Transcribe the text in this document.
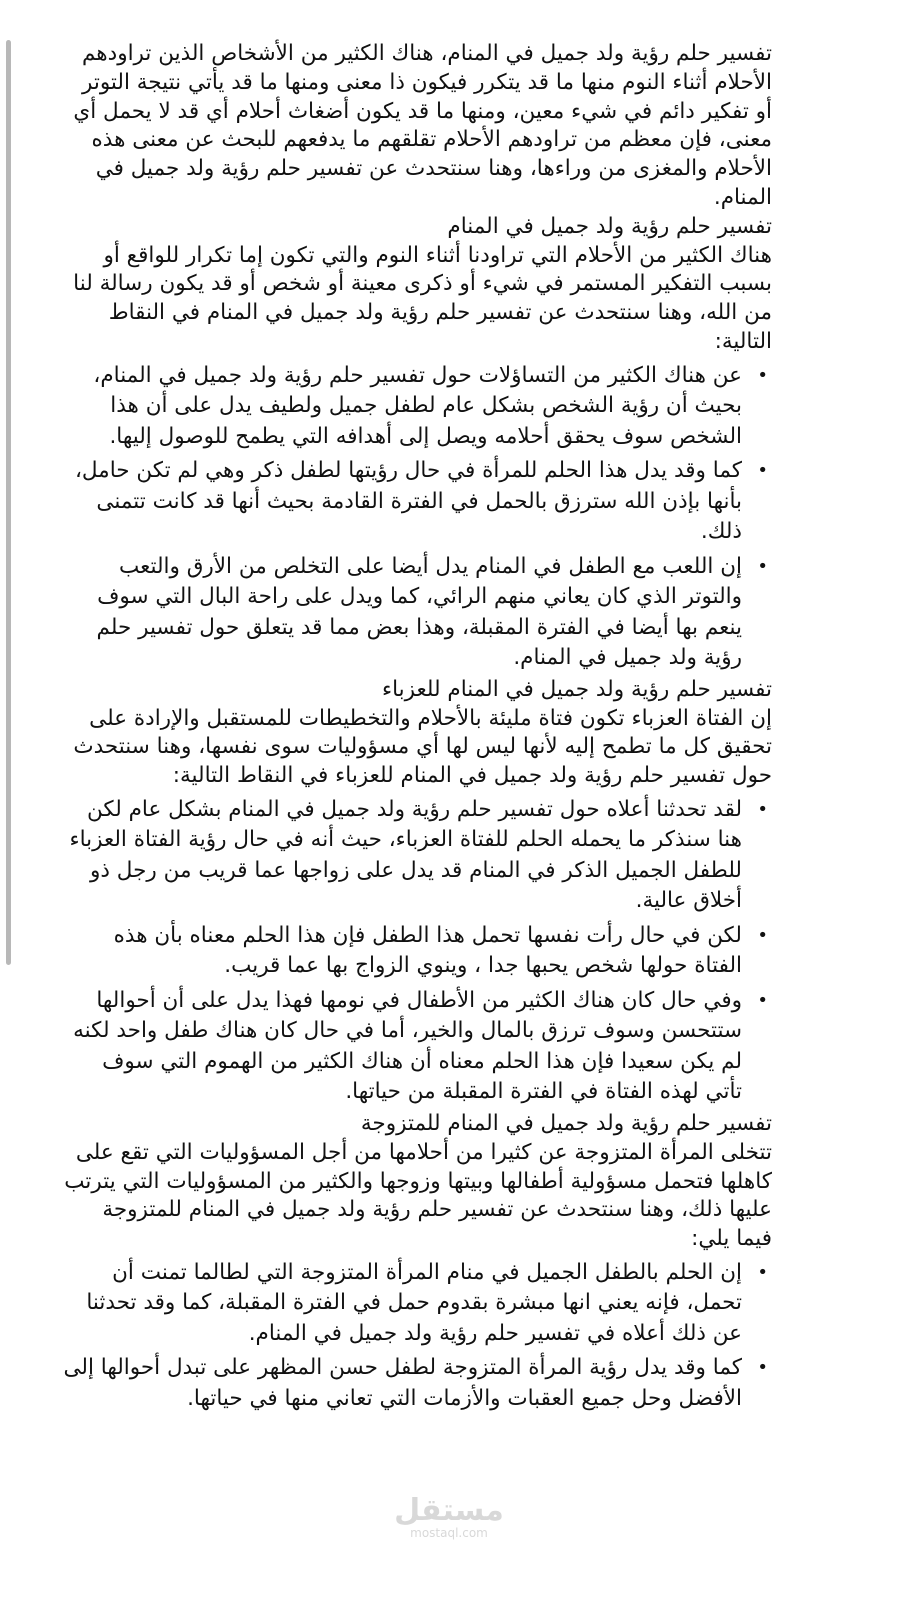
تفسير حلم رؤية ولد جميل في المنام، هناك الكثير من الأشخاص الذين تراودهم الأحلام أثناء النوم منها ما قد يتكرر فيكون ذا معنى ومنها ما قد يأتي نتيجة التوتر أو تفكير دائم في شيء معين، ومنها ما قد يكون أضغاث أحلام أي قد لا يحمل أي معنى، فإن معظم من تراودهم الأحلام تقلقهم ما يدفعهم للبحث عن معنى هذه الأحلام والمغزى من وراءها، وهنا سنتحدث عن تفسير حلم رؤية ولد جميل في المنام.

تفسير حلم رؤية ولد جميل في المنام

هناك الكثير من الأحلام التي تراودنا أثناء النوم والتي تكون إما تكرار للواقع أو بسبب التفكير المستمر في شيء أو ذكرى معينة أو شخص أو قد يكون رسالة لنا من الله، وهنا سنتحدث عن تفسير حلم رؤية ولد جميل في المنام في النقاط التالية:

•
عن هناك الكثير من التساؤلات حول تفسير حلم رؤية ولد جميل في المنام، بحيث أن رؤية الشخص بشكل عام لطفل جميل ولطيف يدل على أن هذا الشخص سوف يحقق أحلامه ويصل إلى أهدافه التي يطمح للوصول إليها.
•
كما وقد يدل هذا الحلم للمرأة في حال رؤيتها لطفل ذكر وهي لم تكن حامل، بأنها بإذن الله سترزق بالحمل في الفترة القادمة بحيث أنها قد كانت تتمنى ذلك.
•
إن اللعب مع الطفل في المنام يدل أيضا على التخلص من الأرق والتعب والتوتر الذي كان يعاني منهم الرائي، كما ويدل على راحة البال التي سوف ينعم بها أيضا في الفترة المقبلة، وهذا بعض مما قد يتعلق حول تفسير حلم رؤية ولد جميل في المنام.

تفسير حلم رؤية ولد جميل في المنام للعزباء

إن الفتاة العزباء تكون فتاة مليئة بالأحلام والتخطيطات للمستقبل والإرادة على تحقيق كل ما تطمح إليه لأنها ليس لها أي مسؤوليات سوى نفسها، وهنا سنتحدث حول تفسير حلم رؤية ولد جميل في المنام للعزباء في النقاط التالية:

•
لقد تحدثنا أعلاه حول تفسير حلم رؤية ولد جميل في المنام بشكل عام لكن هنا سنذكر ما يحمله الحلم للفتاة العزباء، حيث أنه في حال رؤية الفتاة العزباء للطفل الجميل الذكر في المنام قد يدل على زواجها عما قريب من رجل ذو أخلاق عالية.
•
لكن في حال رأت نفسها تحمل هذا الطفل فإن هذا الحلم معناه بأن هذه الفتاة حولها شخص يحبها جدا ، وينوي الزواج بها عما قريب.
•
وفي حال كان هناك الكثير من الأطفال في نومها فهذا يدل على أن أحوالها ستتحسن وسوف ترزق بالمال والخير، أما في حال كان هناك طفل واحد لكنه لم يكن سعيدا فإن هذا الحلم معناه أن هناك الكثير من الهموم التي سوف تأتي لهذه الفتاة في الفترة المقبلة من حياتها.

تفسير حلم رؤية ولد جميل في المنام للمتزوجة

تتخلى المرأة المتزوجة عن كثيرا من أحلامها من أجل المسؤوليات التي تقع على كاهلها فتحمل مسؤولية أطفالها وبيتها وزوجها والكثير من المسؤوليات التي يترتب عليها ذلك، وهنا سنتحدث عن تفسير حلم رؤية ولد جميل في المنام للمتزوجة فيما يلي:

•
إن الحلم بالطفل الجميل في منام المرأة المتزوجة التي لطالما تمنت أن تحمل، فإنه يعني انها مبشرة بقدوم حمل في الفترة المقبلة، كما وقد تحدثنا عن ذلك أعلاه في تفسير حلم رؤية ولد جميل في المنام.
•
كما وقد يدل رؤية المرأة المتزوجة لطفل حسن المظهر على تبدل أحوالها إلى الأفضل وحل جميع العقبات والأزمات التي تعاني منها في حياتها.
مستقل
mostaql.com
